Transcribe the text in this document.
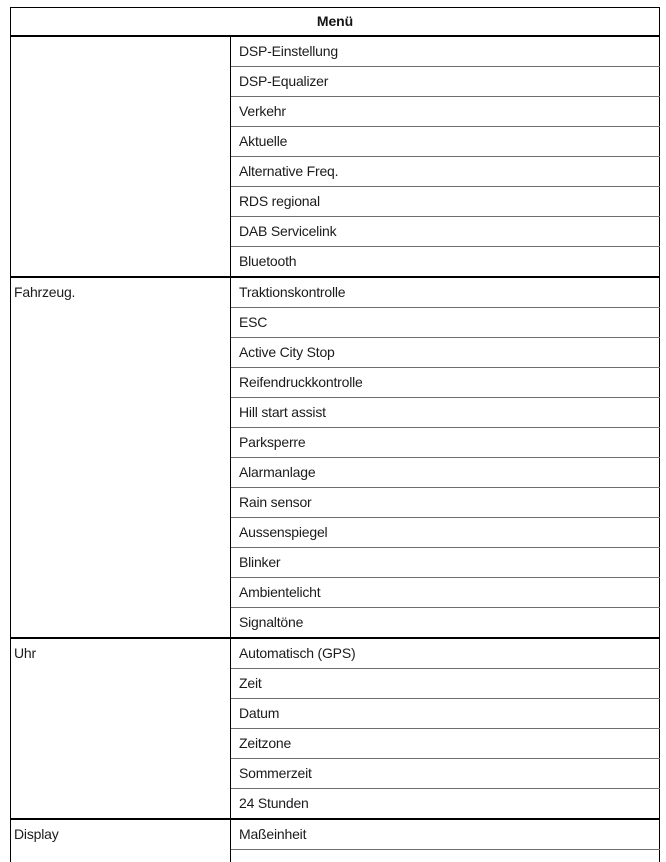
Menü	
	DSP-Einstellung
	DSP-Equalizer
	Verkehr
	Aktuelle
	Alternative Freq.
	RDS regional
	DAB Servicelink
	Bluetooth
Fahrzeug.	Traktionskontrolle
	ESC
	Active City Stop
	Reifendruckkontrolle
	Hill start assist
	Parksperre
	Alarmanlage
	Rain sensor
	Aussenspiegel
	Blinker
	Ambientelicht
	Signaltöne
Uhr	Automatisch (GPS)
	Zeit
	Datum
	Zeitzone
	Sommerzeit
	24 Stunden
Display	Maßeinheit
